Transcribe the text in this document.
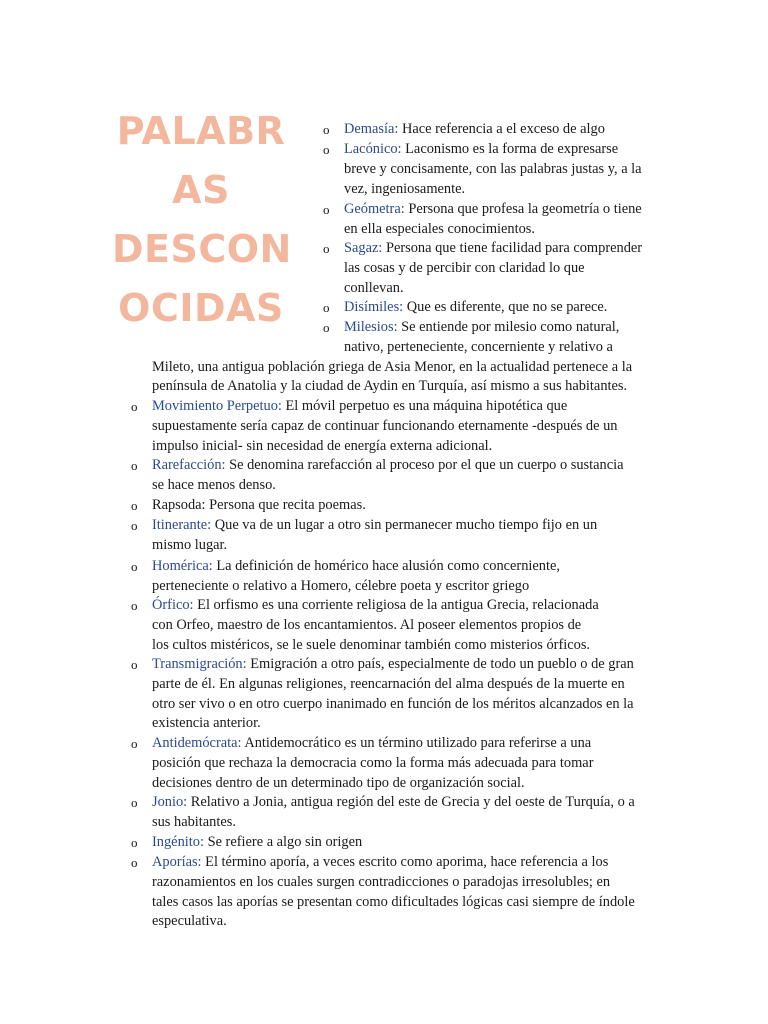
PALABR
AS
DESCON
OCIDAS
o Demasía: Hace referencia a el exceso de algo
o Lacónico: Laconismo es la forma de expresarse
breve y concisamente, con las palabras justas y, a la
vez, ingeniosamente.
o Geómetra: Persona que profesa la geometría o tiene
en ella especiales conocimientos.
o Sagaz: Persona que tiene facilidad para comprender
las cosas y de percibir con claridad lo que
conllevan.
o Disímiles: Que es diferente, que no se parece.
o Milesios: Se entiende por milesio como natural,
nativo, perteneciente, concerniente y relativo a
Mileto, una antigua población griega de Asia Menor, en la actualidad pertenece a la
península de Anatolia y la ciudad de Aydin en Turquía, así mismo a sus habitantes.
o Movimiento Perpetuo: El móvil perpetuo es una máquina hipotética que
supuestamente sería capaz de continuar funcionando eternamente -después de un
impulso inicial- sin necesidad de energía externa adicional.
o Rarefacción: Se denomina rarefacción al proceso por el que un cuerpo o sustancia
se hace menos denso.
o Rapsoda: Persona que recita poemas.
o Itinerante: Que va de un lugar a otro sin permanecer mucho tiempo fijo en un
mismo lugar.
o Homérica: La definición de homérico hace alusión como concerniente,
perteneciente o relativo a Homero, célebre poeta y escritor griego
o Órfico: El orfismo es una corriente religiosa de la antigua Grecia, relacionada
con Orfeo, maestro de los encantamientos. Al poseer elementos propios de
los cultos mistéricos, se le suele denominar también como misterios órficos.
o Transmigración: Emigración a otro país, especialmente de todo un pueblo o de gran
parte de él. En algunas religiones, reencarnación del alma después de la muerte en
otro ser vivo o en otro cuerpo inanimado en función de los méritos alcanzados en la
existencia anterior.
o Antidemócrata: Antidemocrático es un término utilizado para referirse a una
posición que rechaza la democracia como la forma más adecuada para tomar
decisiones dentro de un determinado tipo de organización social.
o Jonio: Relativo a Jonia, antigua región del este de Grecia y del oeste de Turquía, o a
sus habitantes.
o Ingénito: Se refiere a algo sin origen
o Aporías: El término aporía, a veces escrito como aporima, hace referencia a los
razonamientos en los cuales surgen contradicciones o paradojas irresolubles; en
tales casos las aporías se presentan como dificultades lógicas casi siempre de índole
especulativa.
